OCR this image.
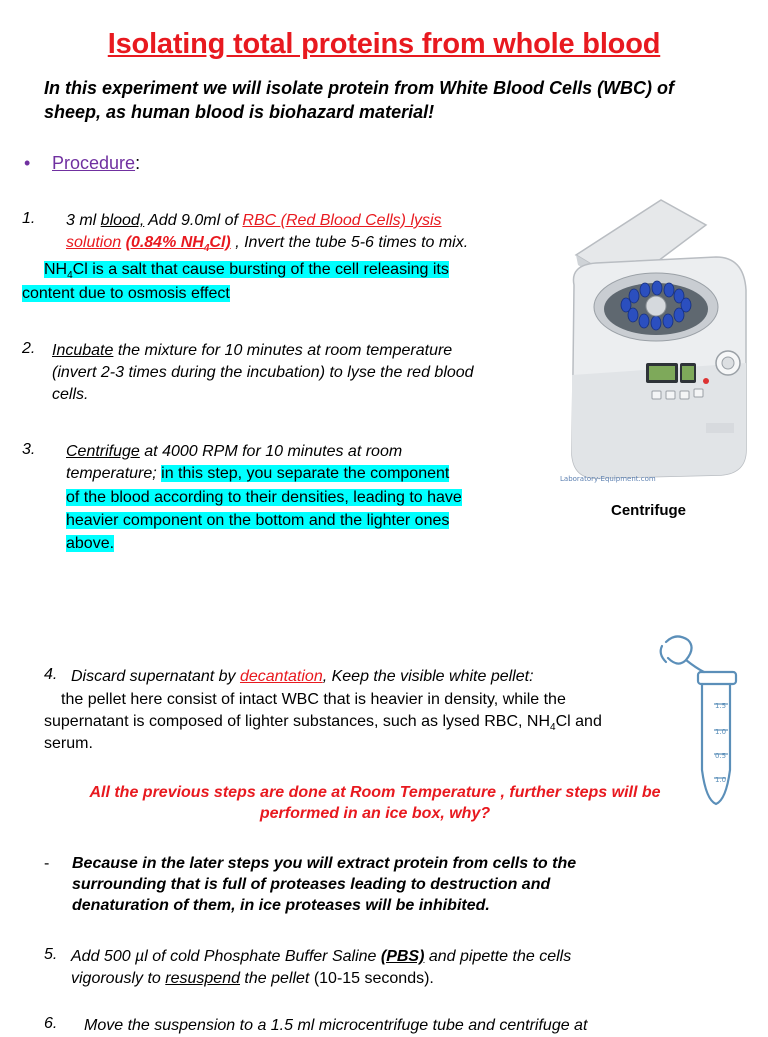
Isolating total proteins from whole blood
In this experiment we will isolate protein from White Blood Cells (WBC) of sheep, as human blood is biohazard material!
• Procedure:
1. 3 ml blood, Add 9.0ml of RBC (Red Blood Cells) lysis
solution (0.84% $NH_4Cl$) , Invert the tube 5-6 times to mix.
$NH_4Cl$ is a salt that cause bursting of the cell releasing its
content due to osmosis effect
2. Incubate the mixture for 10 minutes at room temperature
(invert 2-3 times during the incubation) to lyse the red blood
cells.
3. Centrifuge at 4000 RPM for 10 minutes at room
temperature; in this step, you separate the component
of the blood according to their densities, leading to have
heavier component on the bottom and the lighter ones
above.
Laboratory-Equipment.com
Centrifuge
1.5
1.0
0.5
1.0
4. Discard supernatant by decantation, Keep the visible white pellet:
the pellet here consist of intact WBC that is heavier in density, while the
supernatant is composed of lighter substances, such as lysed RBC, $NH_4Cl$ and
serum.
All the previous steps are done at Room Temperature , further steps will be performed in an ice box, why?
- Because in the later steps you will extract protein from cells to the surrounding that is full of proteases leading to destruction and denaturation of them, in ice proteases will be inhibited.
5. Add 500 µl of cold Phosphate Buffer Saline (PBS) and pipette the cells
vigorously to resuspend the pellet (10-15 seconds).
6. Move the suspension to a 1.5 ml microcentrifuge tube and centrifuge at
